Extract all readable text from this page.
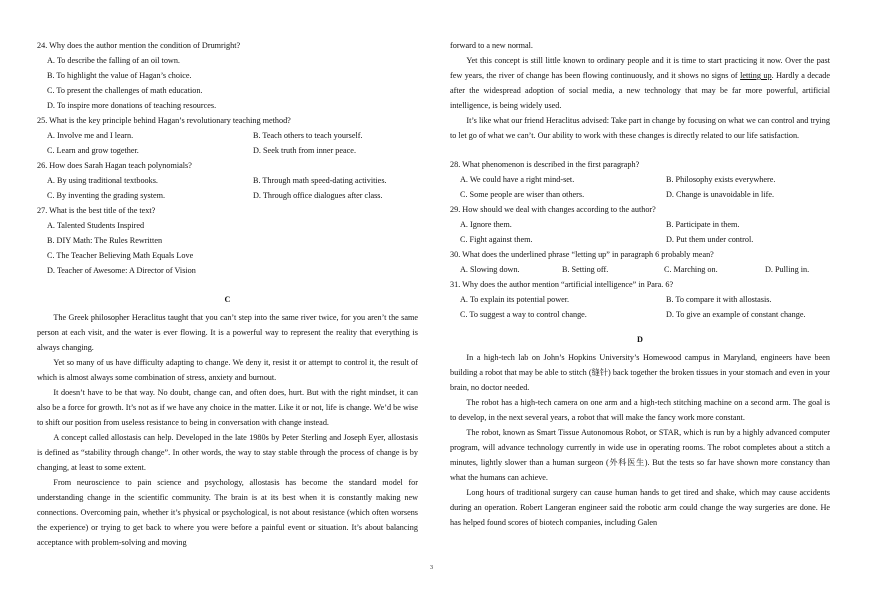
24. Why does the author mention the condition of Drumright?
A. To describe the falling of an oil town.
B. To highlight the value of Hagan’s choice.
C. To present the challenges of math education.
D. To inspire more donations of teaching resources.
25. What is the key principle behind Hagan’s revolutionary teaching method?
A. Involve me and I learn.	B. Teach others to teach yourself.
C. Learn and grow together.	D. Seek truth from inner peace.
26. How does Sarah Hagan teach polynomials?
A. By using traditional textbooks.	B. Through math speed-dating activities.
C. By inventing the grading system.	D. Through office dialogues after class.
27. What is the best title of the text?
A. Talented Students Inspired
B. DIY Math: The Rules Rewritten
C. The Teacher Believing Math Equals Love
D. Teacher of Awesome: A Director of Vision
C

The Greek philosopher Heraclitus taught that you can’t step into the same river twice, for you aren’t the same person at each visit, and the water is ever flowing. It is a powerful way to represent the reality that everything is always changing.

Yet so many of us have difficulty adapting to change. We deny it, resist it or attempt to control it, the result of which is almost always some combination of stress, anxiety and burnout.

It doesn’t have to be that way. No doubt, change can, and often does, hurt. But with the right mindset, it can also be a force for growth. It’s not as if we have any choice in the matter. Like it or not, life is change. We’d be wise to shift our position from useless resistance to being in conversation with change instead.

A concept called allostasis can help. Developed in the late 1980s by Peter Sterling and Joseph Eyer, allostasis is defined as “stability through change”. In other words, the way to stay stable through the process of change is by changing, at least to some extent.

From neuroscience to pain science and psychology, allostasis has become the standard model for understanding change in the scientific community. The brain is at its best when it is constantly making new connections. Overcoming pain, whether it’s physical or psychological, is not about resistance (which often worsens the experience) or trying to get back to where you were before a painful event or situation. It’s about balancing acceptance with problem-solving and moving

forward to a new normal.

Yet this concept is still little known to ordinary people and it is time to start practicing it now. Over the past few years, the river of change has been flowing continuously, and it shows no signs of letting up. Hardly a decade after the widespread adoption of social media, a new technology that may be far more powerful, artificial intelligence, is being widely used.

It’s like what our friend Heraclitus advised: Take part in change by focusing on what we can control and trying to let go of what we can’t. Our ability to work with these changes is directly related to our life satisfaction.

28. What phenomenon is described in the first paragraph?
A. We could have a right mind-set.	B. Philosophy exists everywhere.
C. Some people are wiser than others.	D. Change is unavoidable in life.
29. How should we deal with changes according to the author?
A. Ignore them.	B. Participate in them.
C. Fight against them.	D. Put them under control.
30. What does the underlined phrase “letting up” in paragraph 6 probably mean?
A. Slowing down.	B. Setting off.	C. Marching on.	D. Pulling in.
31. Why does the author mention “artificial intelligence” in Para. 6?
A. To explain its potential power.	B. To compare it with allostasis.
C. To suggest a way to control change.	D. To give an example of constant change.
D

In a high-tech lab on John’s Hopkins University’s Homewood campus in Maryland, engineers have been building a robot that may be able to stitch (缝针) back together the broken tissues in your stomach and even in your brain, no doctor needed.

The robot has a high-tech camera on one arm and a high-tech stitching machine on a second arm. The goal is to develop, in the next several years, a robot that will make the fancy work more constant.

The robot, known as Smart Tissue Autonomous Robot, or STAR, which is run by a highly advanced computer program, will advance technology currently in wide use in operating rooms. The robot completes about a stitch a minutes, lightly slower than a human surgeon (外科医生). But the tests so far have shown more constancy than what the humans can achieve.

Long hours of traditional surgery can cause human hands to get tired and shake, which may cause accidents during an operation. Robert Langeran engineer said the robotic arm could change the way surgeries are done. He has helped found scores of biotech companies, including Galen

3
